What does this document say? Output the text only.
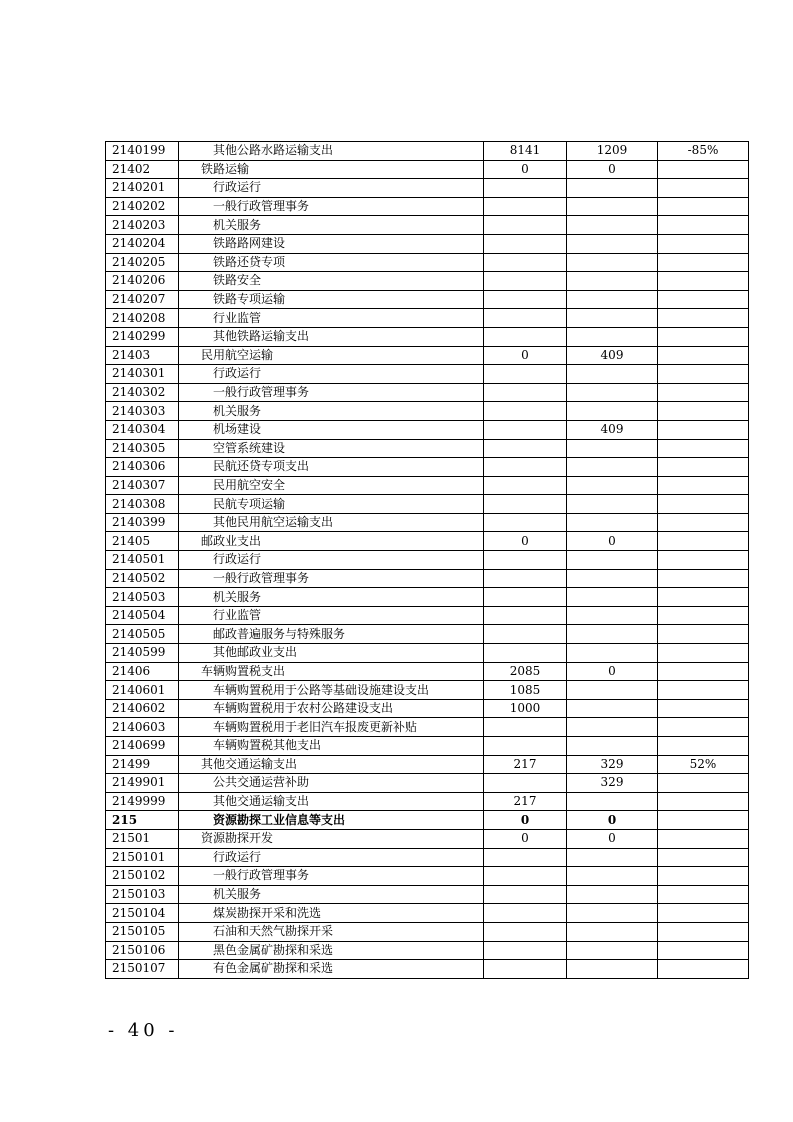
2140199	其他公路水路运输支出	8141	1209	-85%
21402	铁路运输	0	0	
2140201	行政运行			
2140202	一般行政管理事务			
2140203	机关服务			
2140204	铁路路网建设			
2140205	铁路还贷专项			
2140206	铁路安全			
2140207	铁路专项运输			
2140208	行业监管			
2140299	其他铁路运输支出			
21403	民用航空运输	0	409	
2140301	行政运行			
2140302	一般行政管理事务			
2140303	机关服务			
2140304	机场建设		409	
2140305	空管系统建设			
2140306	民航还贷专项支出			
2140307	民用航空安全			
2140308	民航专项运输			
2140399	其他民用航空运输支出			
21405	邮政业支出	0	0	
2140501	行政运行			
2140502	一般行政管理事务			
2140503	机关服务			
2140504	行业监管			
2140505	邮政普遍服务与特殊服务			
2140599	其他邮政业支出			
21406	车辆购置税支出	2085	0	
2140601	车辆购置税用于公路等基础设施建设支出	1085		
2140602	车辆购置税用于农村公路建设支出	1000		
2140603	车辆购置税用于老旧汽车报废更新补贴			
2140699	车辆购置税其他支出			
21499	其他交通运输支出	217	329	52%
2149901	公共交通运营补助		329	
2149999	其他交通运输支出	217		
215	资源勘探工业信息等支出	0	0	
21501	资源勘探开发	0	0	
2150101	行政运行			
2150102	一般行政管理事务			
2150103	机关服务			
2150104	煤炭勘探开采和洗选			
2150105	石油和天然气勘探开采			
2150106	黑色金属矿勘探和采选			
2150107	有色金属矿勘探和采选			
- 40 -
